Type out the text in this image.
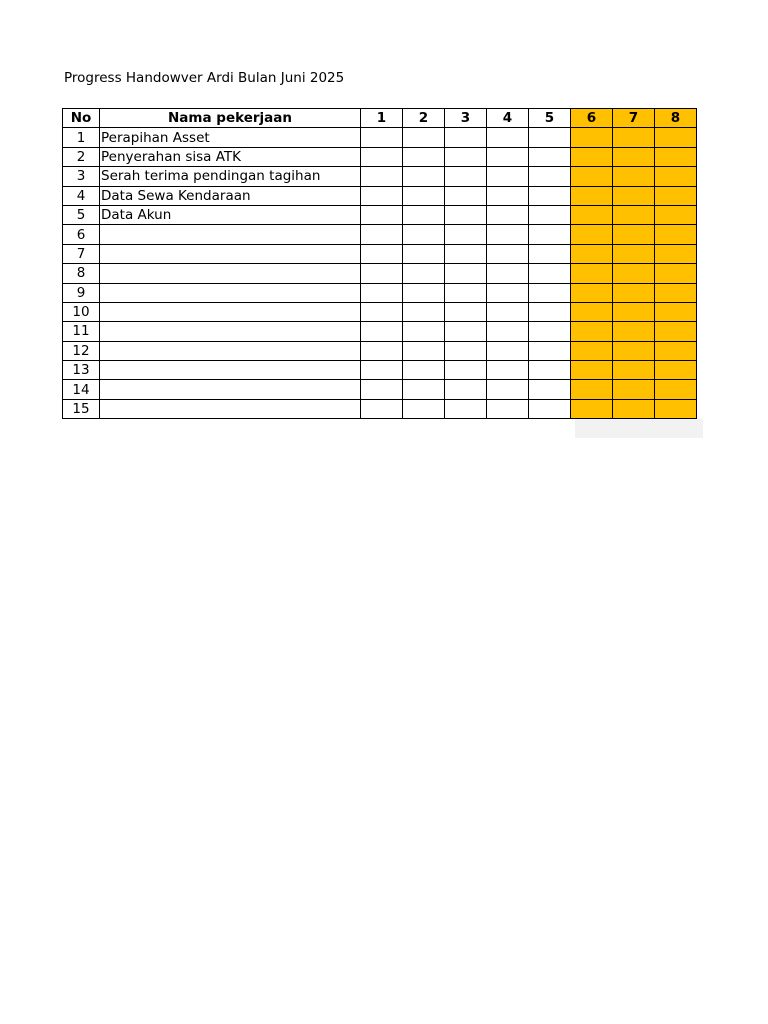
Progress Handowver Ardi Bulan Juni 2025
No	Nama pekerjaan	1	2	3	4	5	6	7	8
1	Perapihan Asset								
2	Penyerahan sisa ATK								
3	Serah terima pendingan tagihan								
4	Data Sewa Kendaraan								
5	Data Akun								
6									
7									
8									
9									
10									
11									
12									
13									
14									
15									
